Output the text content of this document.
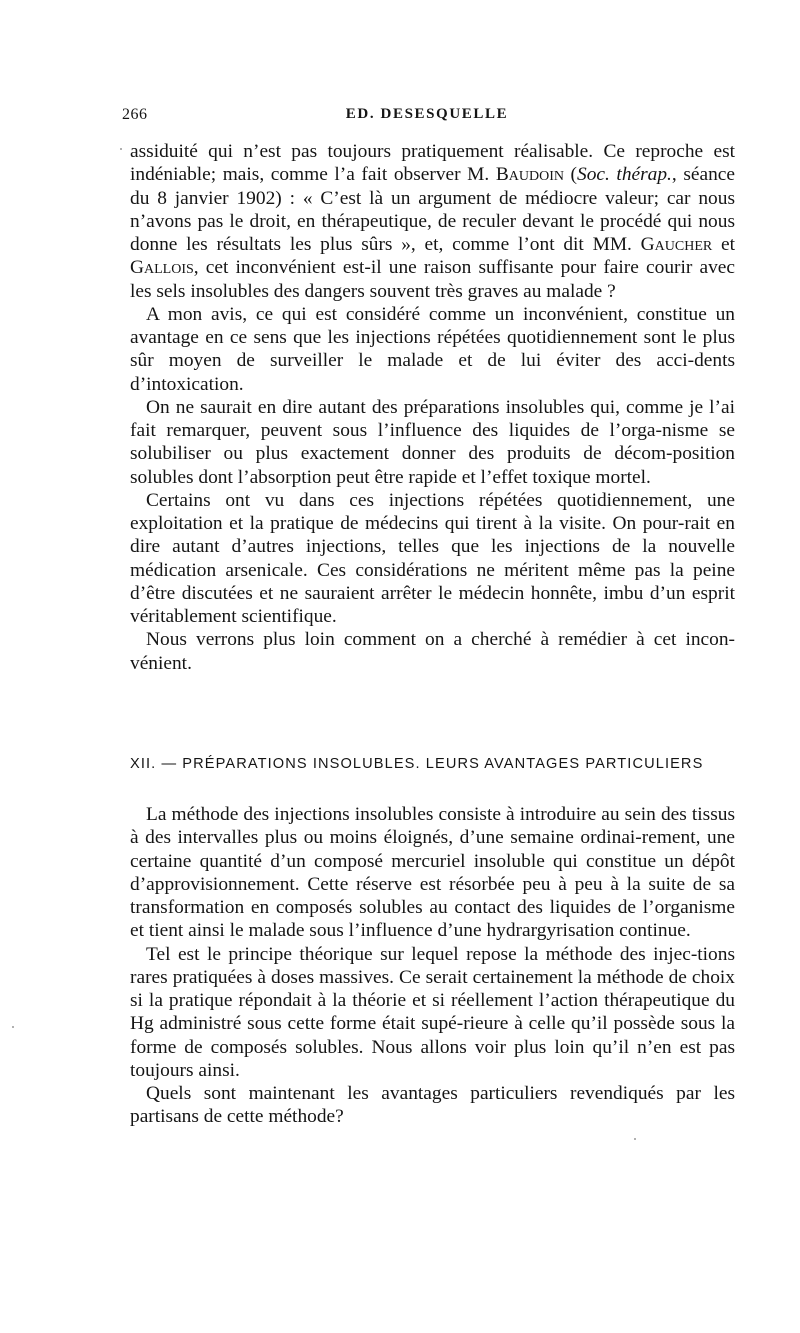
266	ED. DESESQUELLE

assiduité qui n’est pas toujours pratiquement réalisable. Ce reproche est indéniable; mais, comme l’a fait observer M. Baudoin (Soc. thérap., séance du 8 janvier 1902) : « C’est là un argument de médiocre valeur; car nous n’avons pas le droit, en thérapeutique, de reculer devant le procédé qui nous donne les résultats les plus sûrs », et, comme l’ont dit MM. Gaucher et Gallois, cet inconvénient est-il une raison suffisante pour faire courir avec les sels insolubles des dangers souvent très graves au malade ?

A mon avis, ce qui est considéré comme un inconvénient, constitue un avantage en ce sens que les injections répétées quotidiennement sont le plus sûr moyen de surveiller le malade et de lui éviter des acci-dents d’intoxication.

On ne saurait en dire autant des préparations insolubles qui, comme je l’ai fait remarquer, peuvent sous l’influence des liquides de l’orga-nisme se solubiliser ou plus exactement donner des produits de décom-position solubles dont l’absorption peut être rapide et l’effet toxique mortel.

Certains ont vu dans ces injections répétées quotidiennement, une exploitation et la pratique de médecins qui tirent à la visite. On pour-rait en dire autant d’autres injections, telles que les injections de la nouvelle médication arsenicale. Ces considérations ne méritent même pas la peine d’être discutées et ne sauraient arrêter le médecin honnête, imbu d’un esprit véritablement scientifique.

Nous verrons plus loin comment on a cherché à remédier à cet incon-vénient.

XII. — PRÉPARATIONS INSOLUBLES. LEURS AVANTAGES PARTICULIERS

La méthode des injections insolubles consiste à introduire au sein des tissus à des intervalles plus ou moins éloignés, d’une semaine ordinai-rement, une certaine quantité d’un composé mercuriel insoluble qui constitue un dépôt d’approvisionnement. Cette réserve est résorbée peu à peu à la suite de sa transformation en composés solubles au contact des liquides de l’organisme et tient ainsi le malade sous l’influence d’une hydrargyrisation continue.

Tel est le principe théorique sur lequel repose la méthode des injec-tions rares pratiquées à doses massives. Ce serait certainement la méthode de choix si la pratique répondait à la théorie et si réellement l’action thérapeutique du Hg administré sous cette forme était supé-rieure à celle qu’il possède sous la forme de composés solubles. Nous allons voir plus loin qu’il n’en est pas toujours ainsi.

Quels sont maintenant les avantages particuliers revendiqués par les partisans de cette méthode?
